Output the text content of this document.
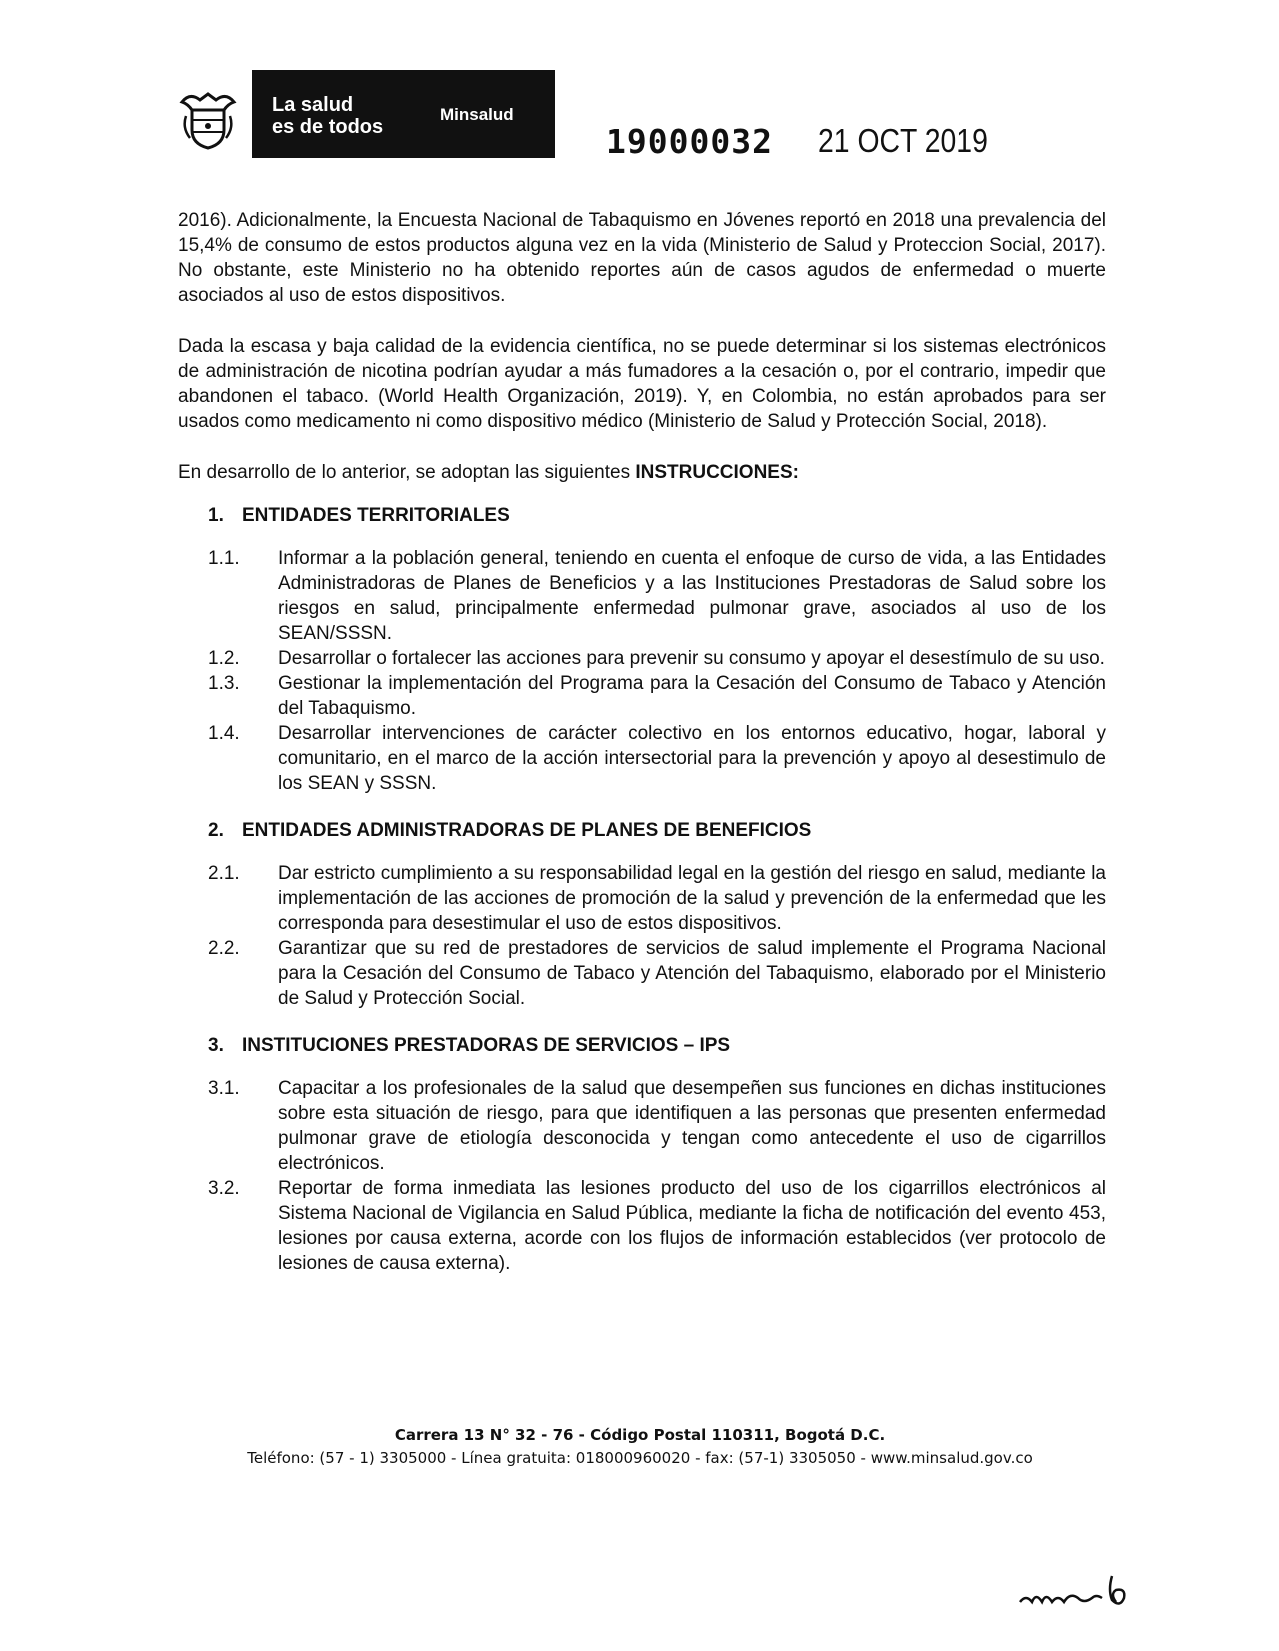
La salud
es de todos
Minsalud
19000032 21 OCT 2019

2016). Adicionalmente, la Encuesta Nacional de Tabaquismo en Jóvenes reportó en 2018 una prevalencia del 15,4% de consumo de estos productos alguna vez en la vida (Ministerio de Salud y Proteccion Social, 2017). No obstante, este Ministerio no ha obtenido reportes aún de casos agudos de enfermedad o muerte asociados al uso de estos dispositivos.

Dada la escasa y baja calidad de la evidencia científica, no se puede determinar si los sistemas electrónicos de administración de nicotina podrían ayudar a más fumadores a la cesación o, por el contrario, impedir que abandonen el tabaco. (World Health Organización, 2019). Y, en Colombia, no están aprobados para ser usados como medicamento ni como dispositivo médico (Ministerio de Salud y Protección Social, 2018).

En desarrollo de lo anterior, se adoptan las siguientes INSTRUCCIONES:

1. ENTIDADES TERRITORIALES
1.1.	Informar a la población general, teniendo en cuenta el enfoque de curso de vida, a las Entidades Administradoras de Planes de Beneficios y a las Instituciones Prestadoras de Salud sobre los riesgos en salud, principalmente enfermedad pulmonar grave, asociados al uso de los SEAN/SSSN.
1.2.	Desarrollar o fortalecer las acciones para prevenir su consumo y apoyar el desestímulo de su uso.
1.3.	Gestionar la implementación del Programa para la Cesación del Consumo de Tabaco y Atención del Tabaquismo.
1.4.	Desarrollar intervenciones de carácter colectivo en los entornos educativo, hogar, laboral y comunitario, en el marco de la acción intersectorial para la prevención y apoyo al desestimulo de los SEAN y SSSN.
2. ENTIDADES ADMINISTRADORAS DE PLANES DE BENEFICIOS
2.1.	Dar estricto cumplimiento a su responsabilidad legal en la gestión del riesgo en salud, mediante la implementación de las acciones de promoción de la salud y prevención de la enfermedad que les corresponda para desestimular el uso de estos dispositivos.
2.2.	Garantizar que su red de prestadores de servicios de salud implemente el Programa Nacional para la Cesación del Consumo de Tabaco y Atención del Tabaquismo, elaborado por el Ministerio de Salud y Protección Social.
3. INSTITUCIONES PRESTADORAS DE SERVICIOS – IPS
3.1.	Capacitar a los profesionales de la salud que desempeñen sus funciones en dichas instituciones sobre esta situación de riesgo, para que identifiquen a las personas que presenten enfermedad pulmonar grave de etiología desconocida y tengan como antecedente el uso de cigarrillos electrónicos.
3.2.	Reportar de forma inmediata las lesiones producto del uso de los cigarrillos electrónicos al Sistema Nacional de Vigilancia en Salud Pública, mediante la ficha de notificación del evento 453, lesiones por causa externa, acorde con los flujos de información establecidos (ver protocolo de lesiones de causa externa).
Carrera 13 N° 32 - 76 - Código Postal 110311, Bogotá D.C.
Teléfono: (57 - 1) 3305000 - Línea gratuita: 018000960020 - fax: (57-1) 3305050 - www.minsalud.gov.co
